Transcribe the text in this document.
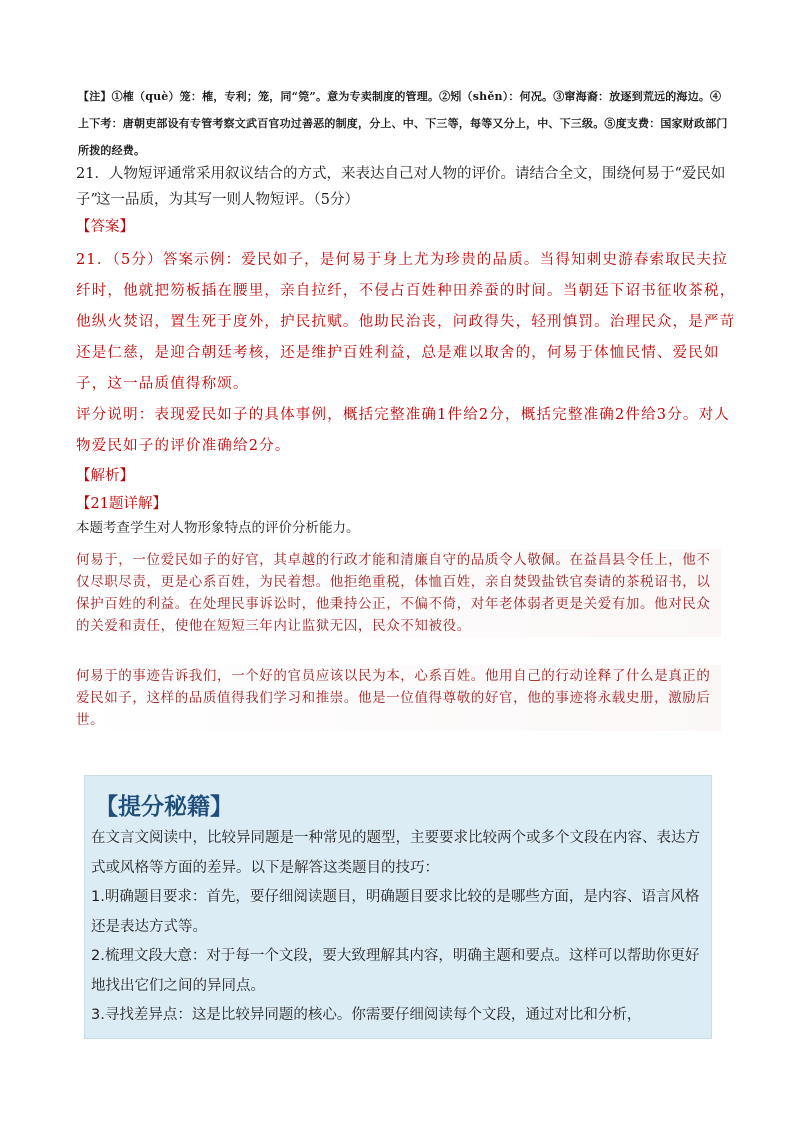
【注】①榷（què）笼：榷，专利；笼，同“筦”。意为专卖制度的管理。②矧（shěn）：何况。③窜海裔：放逐到荒远的海边。④上下考：唐朝吏部设有专管考察文武百官功过善恶的制度，分上、中、下三等，每等又分上，中、下三级。⑤度支费：国家财政部门所拨的经费。
21．人物短评通常采用叙议结合的方式，来表达自己对人物的评价。请结合全文，围绕何易于“爱民如子”
这一品质，为其写一则人物短评。（5分）
【答案】

21．（5分）答案示例：爱民如子，是何易于身上尤为珍贵的品质。当得知刺史游春索取民夫拉纤时，他就把笏板插在腰里，亲自拉纤，不侵占百姓种田养蚕的时间。当朝廷下诏书征收茶税，他纵火焚诏，置生死于度外，护民抗赋。他助民治丧，问政得失，轻刑慎罚。治理民众，是严苛还是仁慈，是迎合朝廷考核，还是维护百姓利益，总是难以取舍的，何易于体恤民情、爱民如子，这一品质值得称颂。

评分说明：表现爱民如子的具体事例，概括完整准确1件给2分，概括完整准确2件给3分。对人物爱民如子的评价准确给2分。

【解析】
【21题详解】
本题考查学生对人物形象特点的评价分析能力。
何易于，一位爱民如子的好官，其卓越的行政才能和清廉自守的品质令人敬佩。在益昌县令任上，他不仅尽职尽责，更是心系百姓，为民着想。他拒绝重税，体恤百姓，亲自焚毁盐铁官奏请的茶税诏书，以保护百姓的利益。在处理民事诉讼时，他秉持公正，不偏不倚，对年老体弱者更是关爱有加。他对民众的关爱和责任，使他在短短三年内让监狱无囚，民众不知被役。
何易于的事迹告诉我们，一个好的官员应该以民为本，心系百姓。他用自己的行动诠释了什么是真正的爱民如子，这样的品质值得我们学习和推崇。他是一位值得尊敬的好官，他的事迹将永载史册，激励后世。
【提分秘籍】

在文言文阅读中，比较异同题是一种常见的题型，主要要求比较两个或多个文段在内容、表达方式或风格等方面的差异。以下是解答这类题目的技巧：

1.明确题目要求：首先，要仔细阅读题目，明确题目要求比较的是哪些方面，是内容、语言风格还是表达方式等。

2.梳理文段大意：对于每一个文段，要大致理解其内容，明确主题和要点。这样可以帮助你更好地找出它们之间的异同点。

3.寻找差异点：这是比较异同题的核心。你需要仔细阅读每个文段，通过对比和分析，
